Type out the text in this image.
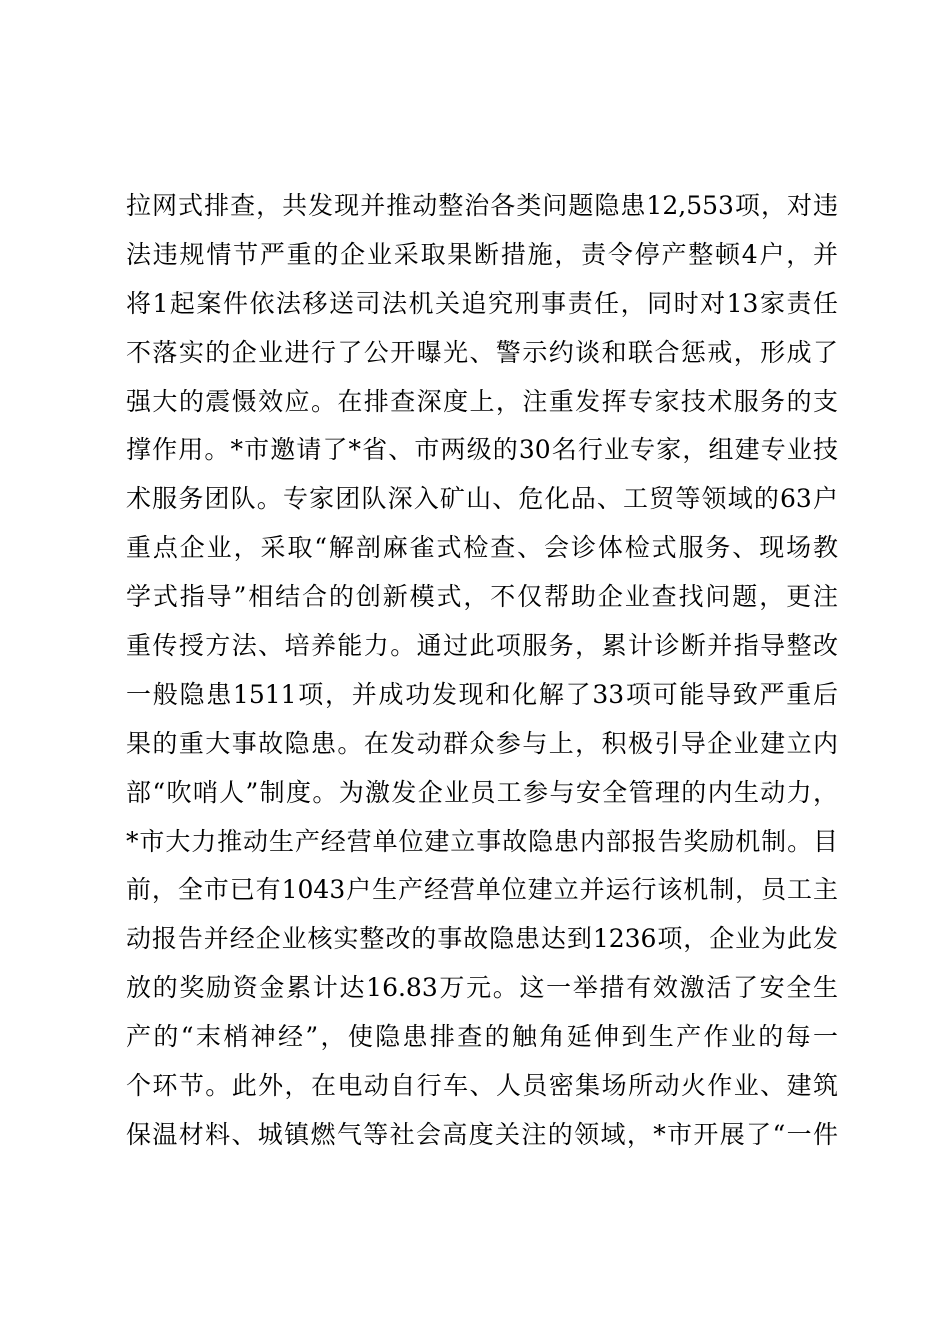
拉网式排查，共发现并推动整治各类问题隐患12,553项，对违
法违规情节严重的企业采取果断措施，责令停产整顿4户，并
将1起案件依法移送司法机关追究刑事责任，同时对13家责任
不落实的企业进行了公开曝光、警示约谈和联合惩戒，形成了
强大的震慑效应。在排查深度上，注重发挥专家技术服务的支
撑作用。*市邀请了*省、市两级的30名行业专家，组建专业技
术服务团队。专家团队深入矿山、危化品、工贸等领域的63户
重点企业，采取“解剖麻雀式检查、会诊体检式服务、现场教
学式指导”相结合的创新模式，不仅帮助企业查找问题，更注
重传授方法、培养能力。通过此项服务，累计诊断并指导整改
一般隐患1511项，并成功发现和化解了33项可能导致严重后
果的重大事故隐患。在发动群众参与上，积极引导企业建立内
部“吹哨人”制度。为激发企业员工参与安全管理的内生动力，
*市大力推动生产经营单位建立事故隐患内部报告奖励机制。目
前，全市已有1043户生产经营单位建立并运行该机制，员工主
动报告并经企业核实整改的事故隐患达到1236项，企业为此发
放的奖励资金累计达16.83万元。这一举措有效激活了安全生
产的“末梢神经”，使隐患排查的触角延伸到生产作业的每一
个环节。此外，在电动自行车、人员密集场所动火作业、建筑
保温材料、城镇燃气等社会高度关注的领域，*市开展了“一件
